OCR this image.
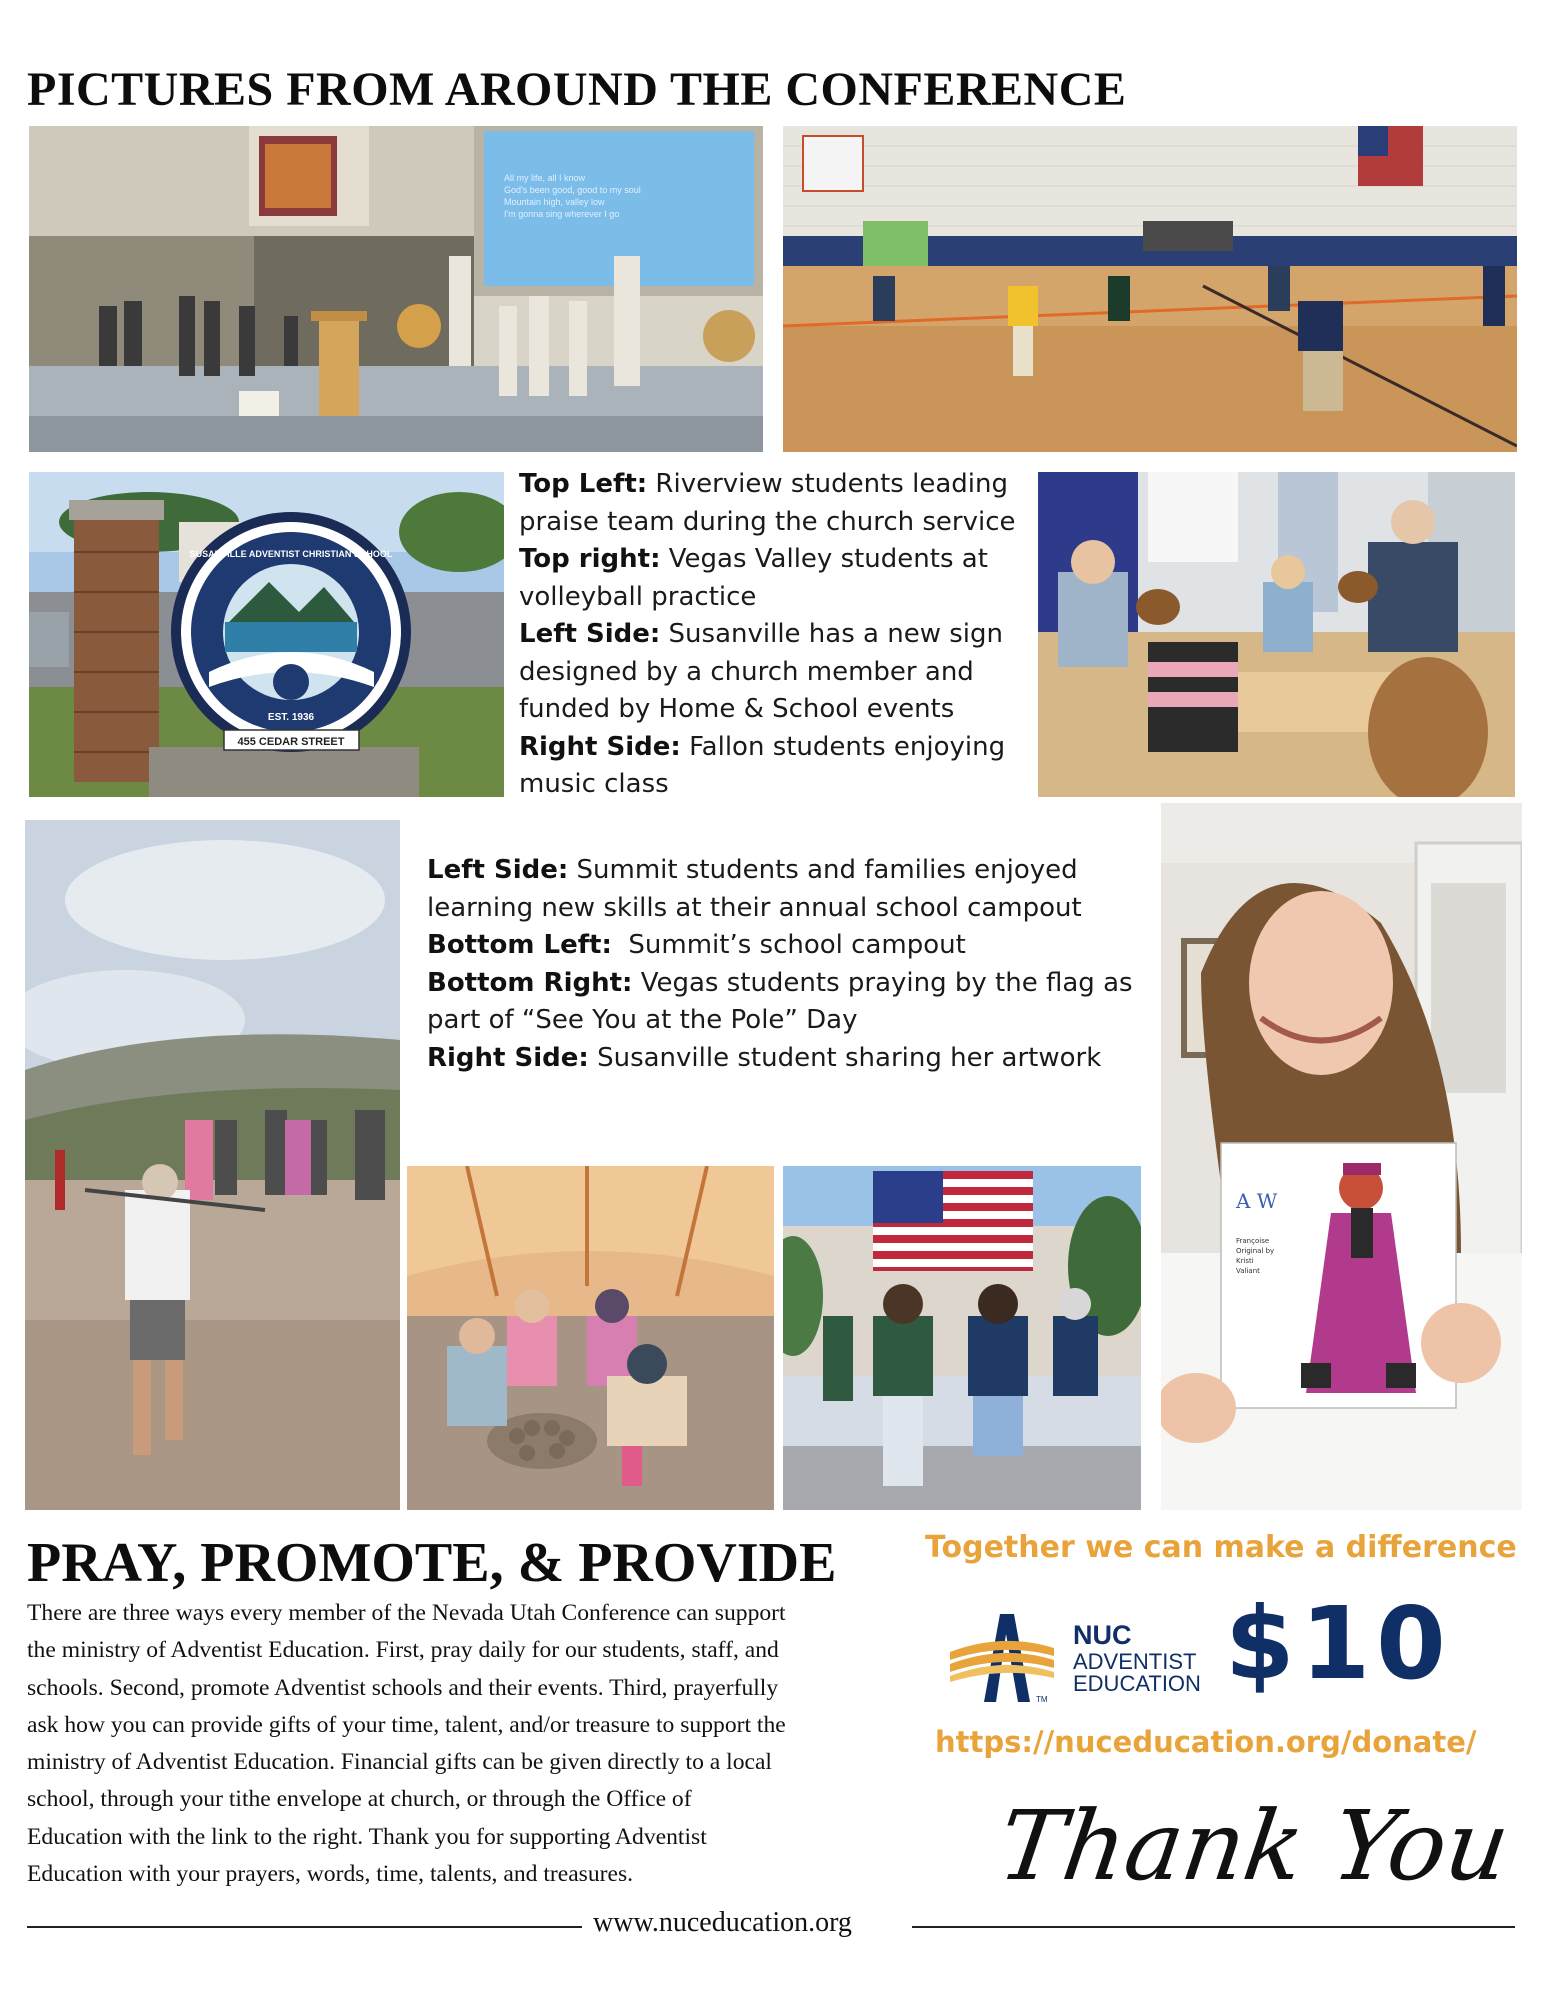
PICTURES FROM AROUND THE CONFERENCE
All my life, all I know
God's been good, good to my soul
Mountain high, valley low
I'm gonna sing wherever I go
SUSANVILLE ADVENTIST CHRISTIAN SCHOOL
EST. 1936
455 CEDAR STREET
Top Left: Riverview students leading
praise team during the church service
Top right: Vegas Valley students at
volleyball practice
Left Side: Susanville has a new sign
designed by a church member and
funded by Home & School events
Right Side: Fallon students enjoying
music class
Left Side: Summit students and families enjoyed
learning new skills at their annual school campout
Bottom Left:  Summit’s school campout
Bottom Right: Vegas students praying by the flag as
part of “See You at the Pole” Day
Right Side: Susanville student sharing her artwork
A W
Françoise
Original by
Kristi
Valiant
PRAY, PROMOTE, & PROVIDE
There are three ways every member of the Nevada Utah Conference can support
the ministry of Adventist Education. First, pray daily for our students, staff, and
schools. Second, promote Adventist schools and their events. Third, prayerfully
ask how you can provide gifts of your time, talent, and/or treasure to support the
ministry of Adventist Education. Financial gifts can be given directly to a local
school, through your tithe envelope at church, or through the Office of
Education with the link to the right. Thank you for supporting Adventist
Education with your prayers, words, time, talents, and treasures.
Together we can make a difference
TM
NUC
ADVENTIST
EDUCATION $10
https://nuceducation.org/donate/
Thank You
www.nuceducation.org
